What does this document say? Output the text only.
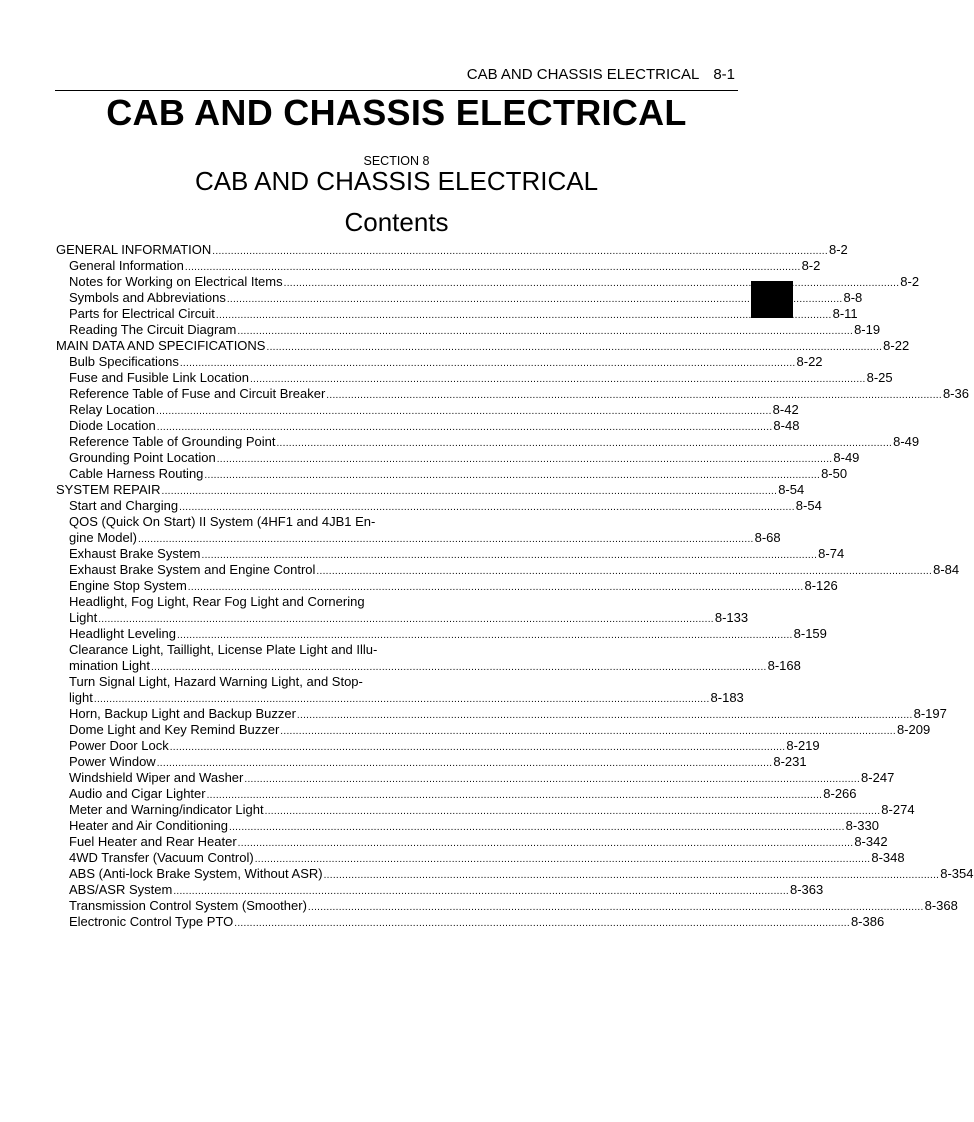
CAB AND CHASSIS ELECTRICAL 8-1
CAB AND CHASSIS ELECTRICAL
SECTION 8
CAB AND CHASSIS ELECTRICAL
Contents
GENERAL INFORMATION ........................................................................................................................................................................................................ 8-2
General Information ........................................................................................................................................................................................................ 8-2
Notes for Working on Electrical Items ........................................................................................................................................................................................................ 8-2
Symbols and Abbreviations ........................................................................................................................................................................................................ 8-8
Parts for Electrical Circuit ........................................................................................................................................................................................................ 8-11
Reading The Circuit Diagram ........................................................................................................................................................................................................ 8-19
MAIN DATA AND SPECIFICATIONS ........................................................................................................................................................................................................ 8-22
Bulb Specifications ........................................................................................................................................................................................................ 8-22
Fuse and Fusible Link Location ........................................................................................................................................................................................................ 8-25
Reference Table of Fuse and Circuit Breaker ........................................................................................................................................................................................................ 8-36
Relay Location ........................................................................................................................................................................................................ 8-42
Diode Location ........................................................................................................................................................................................................ 8-48
Reference Table of Grounding Point ........................................................................................................................................................................................................ 8-49
Grounding Point Location ........................................................................................................................................................................................................ 8-49
Cable Harness Routing ........................................................................................................................................................................................................ 8-50
SYSTEM REPAIR ........................................................................................................................................................................................................ 8-54
Start and Charging ........................................................................................................................................................................................................ 8-54
QOS (Quick On Start) II System (4HF1 and 4JB1 En-
gine Model) ........................................................................................................................................................................................................ 8-68
Exhaust Brake System ........................................................................................................................................................................................................ 8-74
Exhaust Brake System and Engine Control ........................................................................................................................................................................................................ 8-84
Engine Stop System ........................................................................................................................................................................................................ 8-126
Headlight, Fog Light, Rear Fog Light and Cornering
Light ........................................................................................................................................................................................................ 8-133
Headlight Leveling ........................................................................................................................................................................................................ 8-159
Clearance Light, Taillight, License Plate Light and Illu-
mination Light ........................................................................................................................................................................................................ 8-168
Turn Signal Light, Hazard Warning Light, and Stop-
light ........................................................................................................................................................................................................ 8-183
Horn, Backup Light and Backup Buzzer ........................................................................................................................................................................................................ 8-197
Dome Light and Key Remind Buzzer ........................................................................................................................................................................................................ 8-209
Power Door Lock ........................................................................................................................................................................................................ 8-219
Power Window ........................................................................................................................................................................................................ 8-231
Windshield Wiper and Washer ........................................................................................................................................................................................................ 8-247
Audio and Cigar Lighter ........................................................................................................................................................................................................ 8-266
Meter and Warning/indicator Light ........................................................................................................................................................................................................ 8-274
Heater and Air Conditioning ........................................................................................................................................................................................................ 8-330
Fuel Heater and Rear Heater ........................................................................................................................................................................................................ 8-342
4WD Transfer (Vacuum Control) ........................................................................................................................................................................................................ 8-348
ABS (Anti-lock Brake System, Without ASR) ........................................................................................................................................................................................................ 8-354
ABS/ASR System ........................................................................................................................................................................................................ 8-363
Transmission Control System (Smoother) ........................................................................................................................................................................................................ 8-368
Electronic Control Type PTO ........................................................................................................................................................................................................ 8-386
